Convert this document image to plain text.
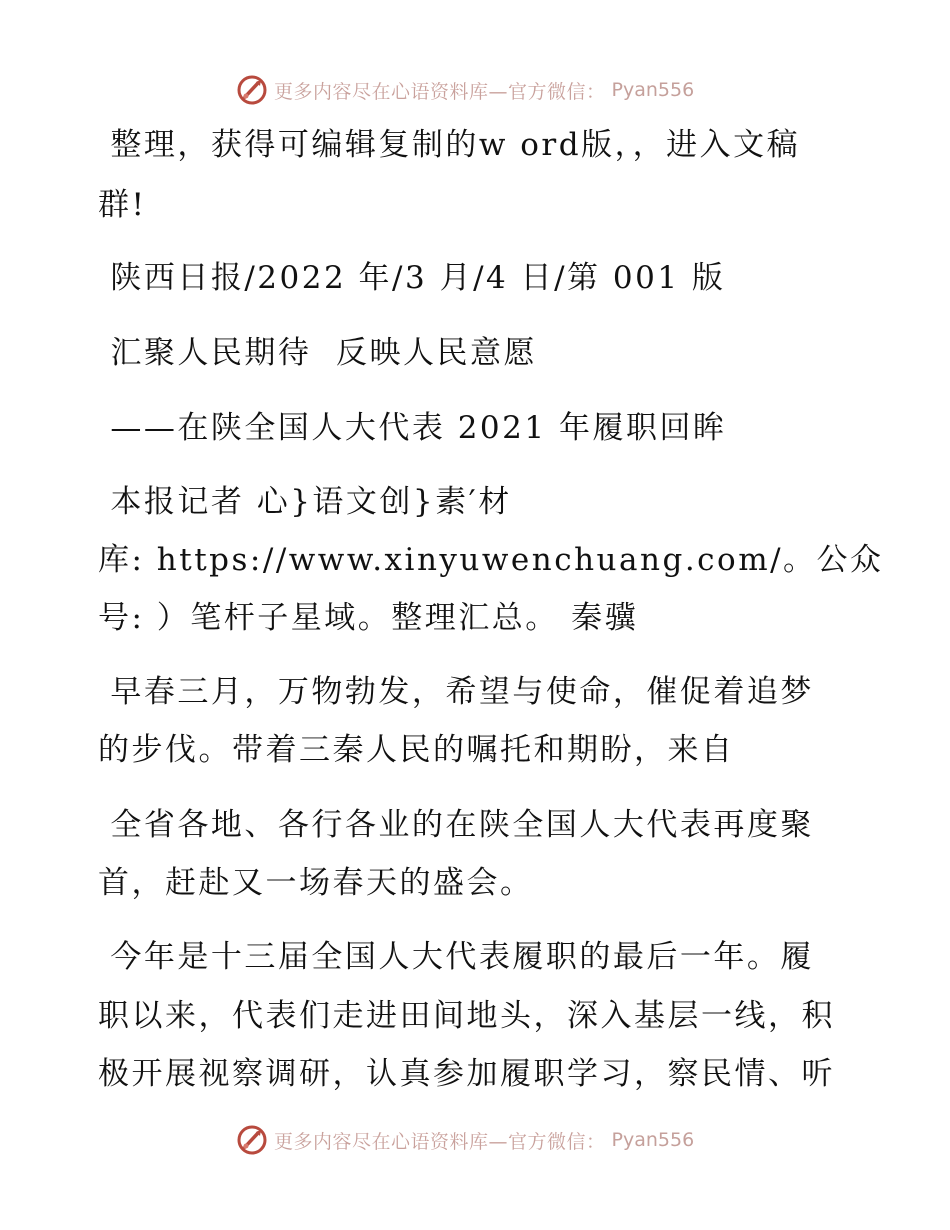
更多内容尽在心语资料库—官方微信： Pyan556
整理，获得可编辑复制的w ord版，，进入文稿
群!
陕西日报/2022 年/3 月/4 日/第 001 版
汇聚人民期待  反映人民意愿
——在陕全国人大代表 2021 年履职回眸
本报记者 心}语文创}素′材
库: https://www.xinyuwenchuang.com/。公众
号: ）笔杆子星域。整理汇总。 秦骥
早春三月，万物勃发，希望与使命，催促着追梦
的步伐。带着三秦人民的嘱托和期盼，来自
全省各地、各行各业的在陕全国人大代表再度聚
首，赶赴又一场春天的盛会。
今年是十三届全国人大代表履职的最后一年。履
职以来，代表们走进田间地头，深入基层一线，积
极开展视察调研，认真参加履职学习，察民情、听
更多内容尽在心语资料库—官方微信： Pyan556
